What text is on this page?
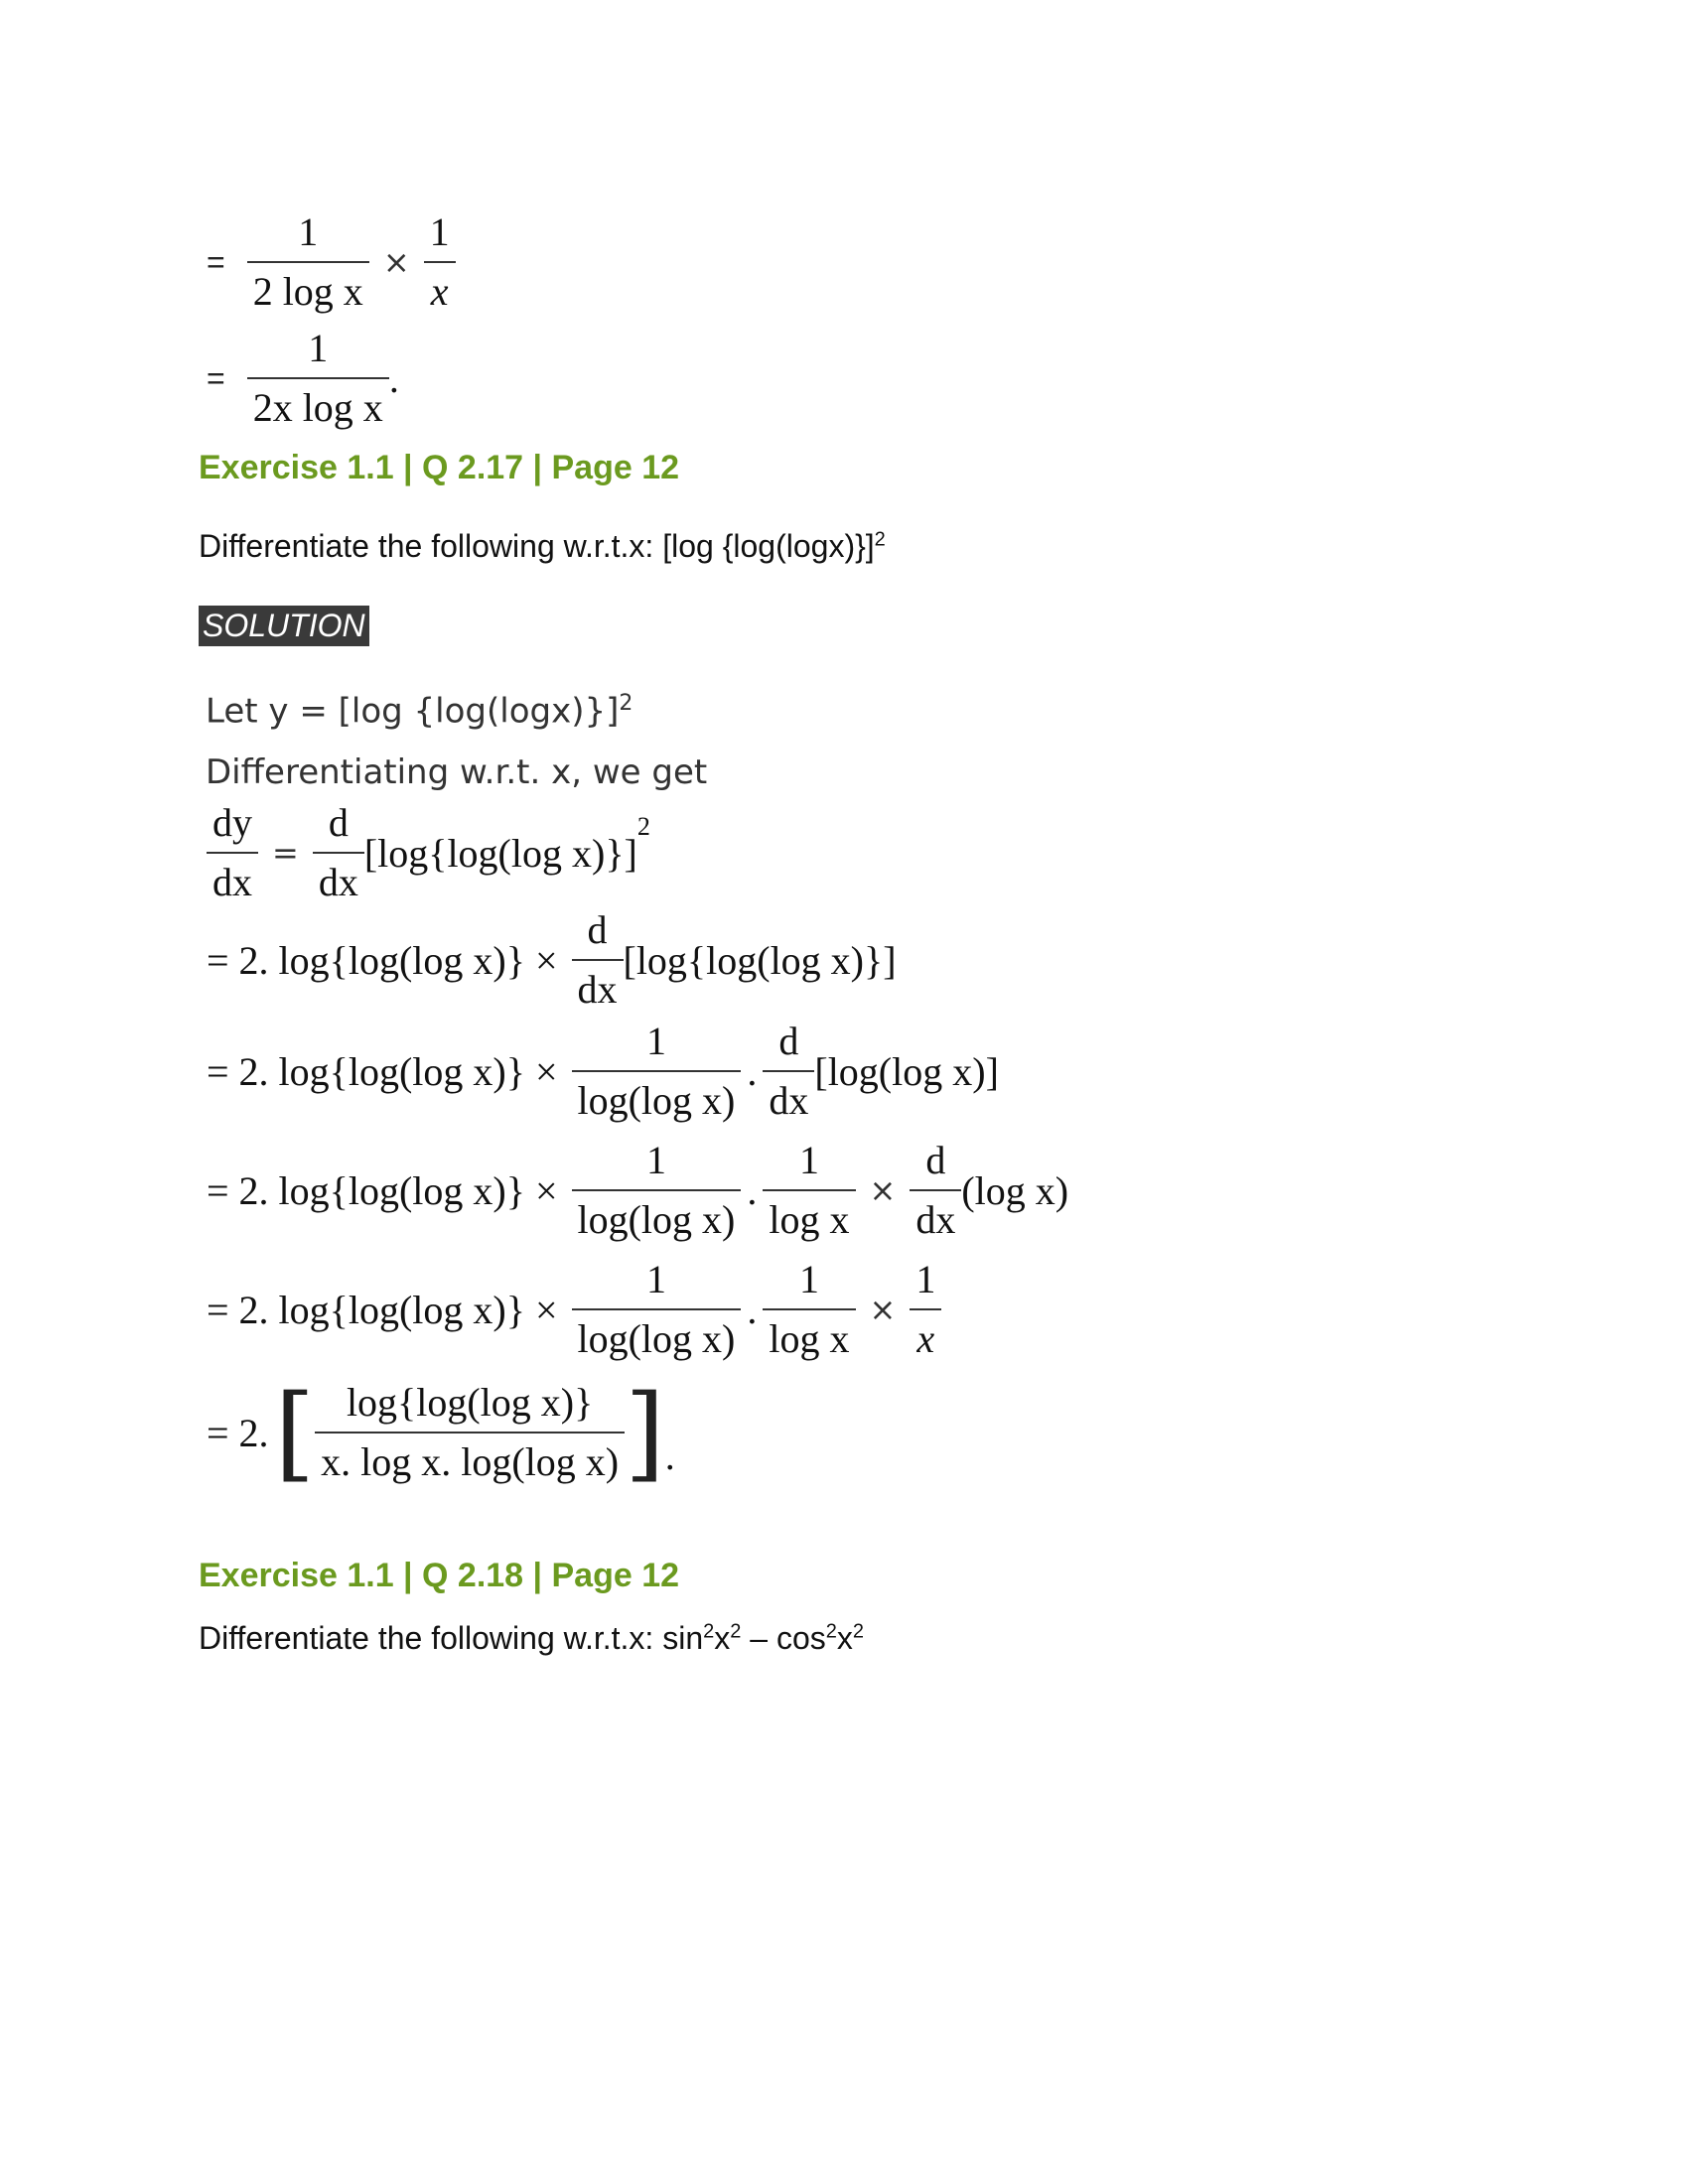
= $\frac{1}{\text{2 log x}} \times \frac{1}{x}$
= $\frac{1}{\text{2x log x}}$ .
Exercise 1.1 | Q 2.17 | Page 12
Differentiate the following w.r.t.x: [log {log(logx)}]$^2$
SOLUTION
Let y = [log {log(logx)}]$^2$
Differentiating w.r.t. x, we get
$\frac{dy}{dx} = \frac{d}{dx} [\log\{\log(\log$ x)}]
2
= 2. log{log(log $x)\} \times \frac{d}{dx} [\log\{\log(\log$ x)}]
= 2. log{log(log $x)\} \times \frac{1}{\text{log(log x)}}$ . $\frac{d}{dx} [\log(\log$ x)]
= 2. log{log(log $x)\} \times \frac{1}{\text{log(log x)}}$ . $\frac{1}{\text{log x}} \times \frac{d}{dx} (\log$ x)
= 2. log{log(log $x)\} \times \frac{1}{\text{log(log x)}}$ . $\frac{1}{\text{log x}} \times \frac{1}{x}$
= 2. [ $\frac{\text{log\{log(log x)\}}}{\text{x. log x. log(log x)}}$ ] .
Exercise 1.1 | Q 2.18 | Page 12
Differentiate the following w.r.t.x: $\sin^2x^2 - \cos^2x^2$
